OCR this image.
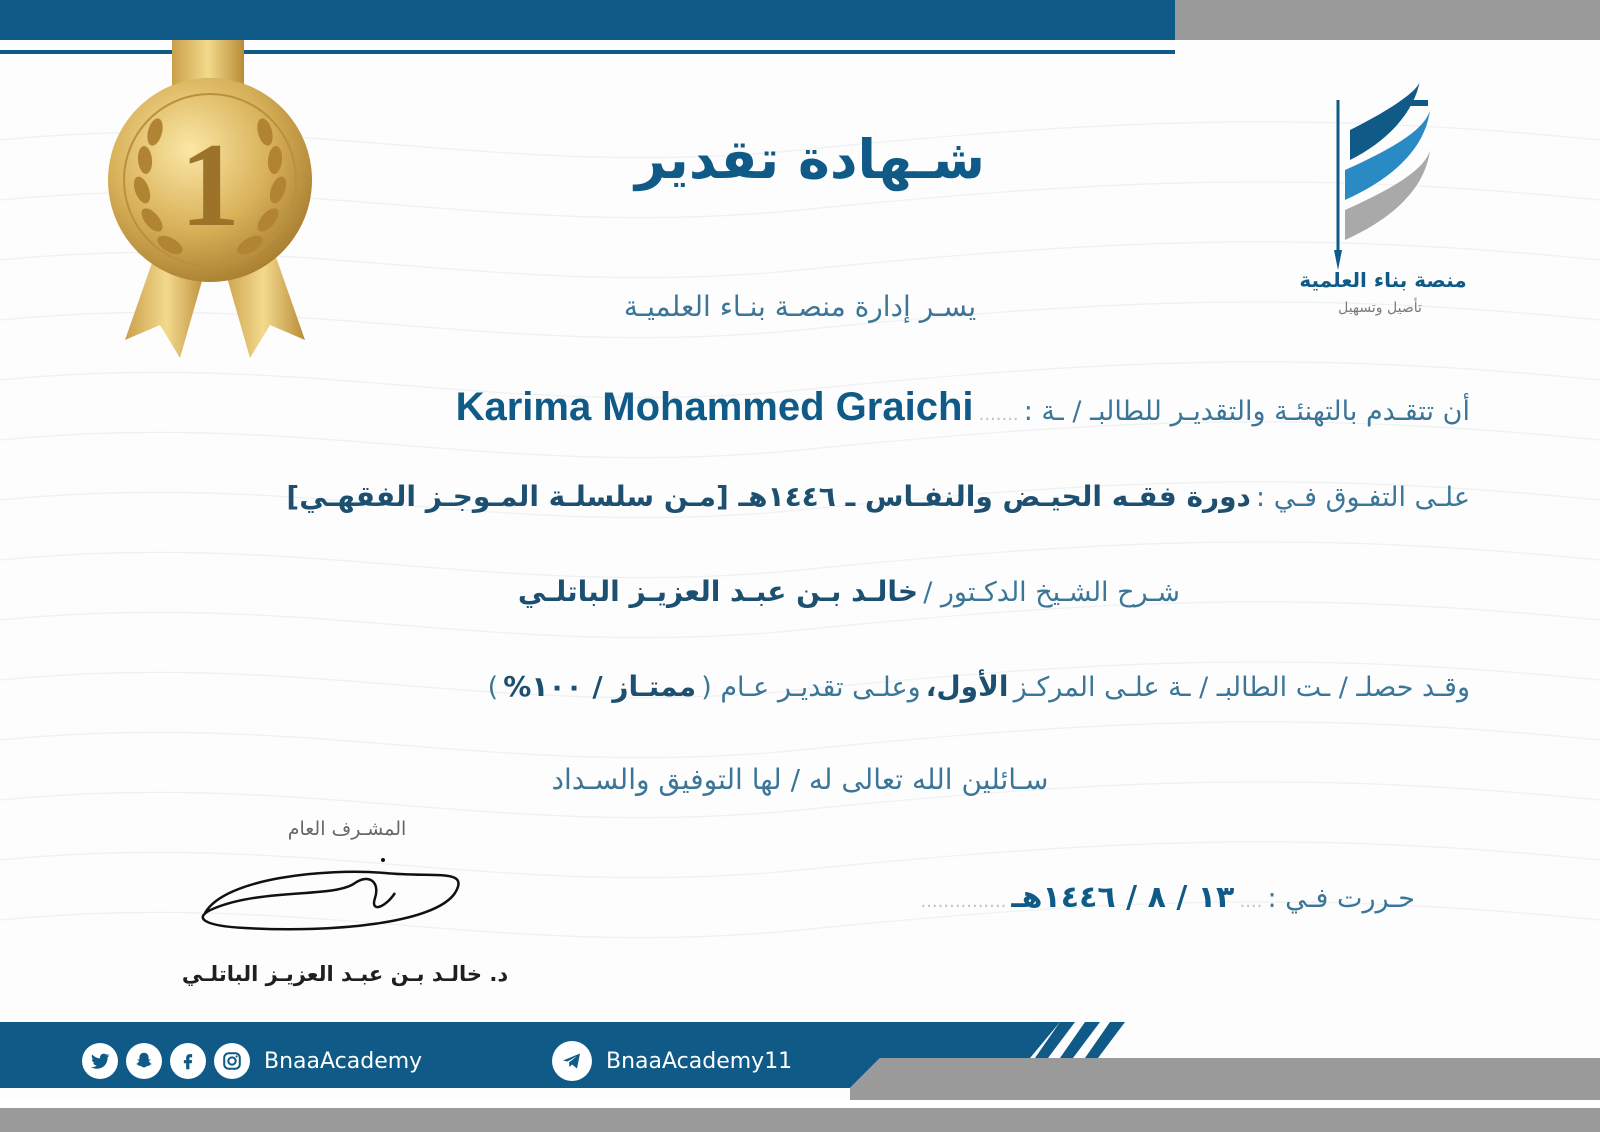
1
منصة بناء العلمية
تأصيل وتسهيل
شـهادة تقدير
يسـر إدارة منصـة بنـاء العلميـة
أن تتقـدم بالتهنئـة والتقديـر للطالبـ / ـة : ....... Karima Mohammed Graichi
علـى التفـوق فـي : دورة فقـه الحيـض والنفـاس ـ ١٤٤٦هـ [مـن سلسلـة المـوجـز الفقهـي]
شـرح الشـيخ الدكـتور / خالـد بـن عبـد العزيـز الباتلـي
وقـد حصلـ / ـت الطالبـ / ـة علـى المركـز الأول، وعلـى تقديـر عـام ( ممتـاز / ١٠٠% )
سـائلين الله تعالى له / لها التوفيق والسـداد
المشـرف العام
د. خالـد بـن عبـد العزيـز الباتلـي
حـررت فـي : .... ١٣ / ٨ / ١٤٤٦هـ ...............
BnaaAcademy	BnaaAcademy11
